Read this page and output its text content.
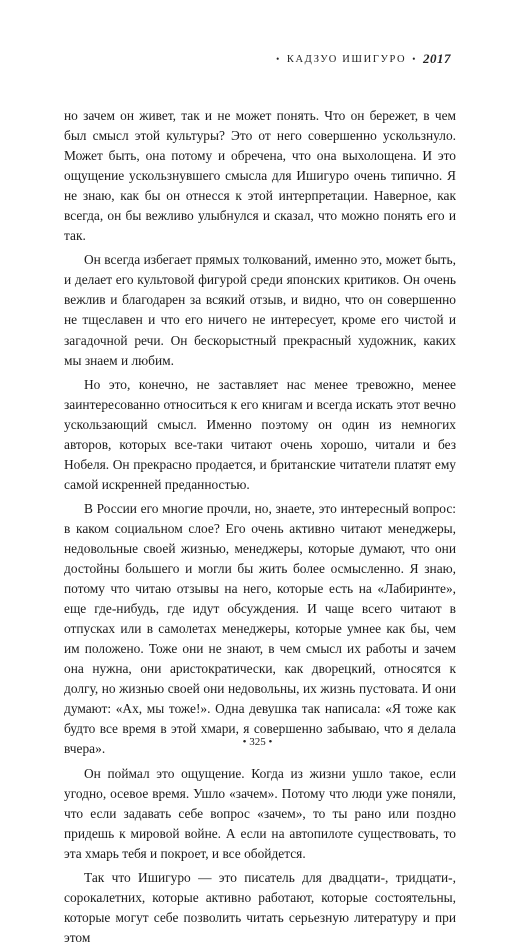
• КАДЗУО ИШИГУРО • 2017

но зачем он живет, так и не может понять. Что он бережет, в чем был смысл этой культуры? Это от него совершенно ускользнуло. Может быть, она потому и обречена, что она выхолощена. И это ощущение ускользнувшего смысла для Ишигуро очень типично. Я не знаю, как бы он отнесся к этой интерпретации. Наверное, как всегда, он бы вежливо улыбнулся и сказал, что можно понять его и так.

Он всегда избегает прямых толкований, именно это, может быть, и делает его культовой фигурой среди японских критиков. Он очень вежлив и благодарен за всякий отзыв, и видно, что он совершенно не тщеславен и что его ничего не интересует, кроме его чистой и загадочной речи. Он бескорыстный прекрасный художник, каких мы знаем и любим.

Но это, конечно, не заставляет нас менее тревожно, менее заинтересованно относиться к его книгам и всегда искать этот вечно ускользающий смысл. Именно поэтому он один из немногих авторов, которых все-таки читают очень хорошо, читали и без Нобеля. Он прекрасно продается, и британские читатели платят ему самой искренней преданностью.

В России его многие прочли, но, знаете, это интересный вопрос: в каком социальном слое? Его очень активно читают менеджеры, недовольные своей жизнью, менеджеры, которые думают, что они достойны большего и могли бы жить более осмысленно. Я знаю, потому что читаю отзывы на него, которые есть на «Лабиринте», еще где-нибудь, где идут обсуждения. И чаще всего читают в отпусках или в самолетах менеджеры, которые умнее как бы, чем им положено. Тоже они не знают, в чем смысл их работы и зачем она нужна, они аристократически, как дворецкий, относятся к долгу, но жизнью своей они недовольны, их жизнь пустовата. И они думают: «Ах, мы тоже!». Одна девушка так написала: «Я тоже как будто все время в этой хмари, я совершенно забываю, что я делала вчера».

Он поймал это ощущение. Когда из жизни ушло такое, если угодно, осевое время. Ушло «зачем». Потому что люди уже поняли, что если задавать себе вопрос «зачем», то ты рано или поздно придешь к мировой войне. А если на автопилоте существовать, то эта хмарь тебя и покроет, и все обойдется.

Так что Ишигуро — это писатель для двадцати-, тридцати-, сорокалетних, которые активно работают, которые состоятельны, которые могут себе позволить читать серьезную литературу и при этом

• 325 •
